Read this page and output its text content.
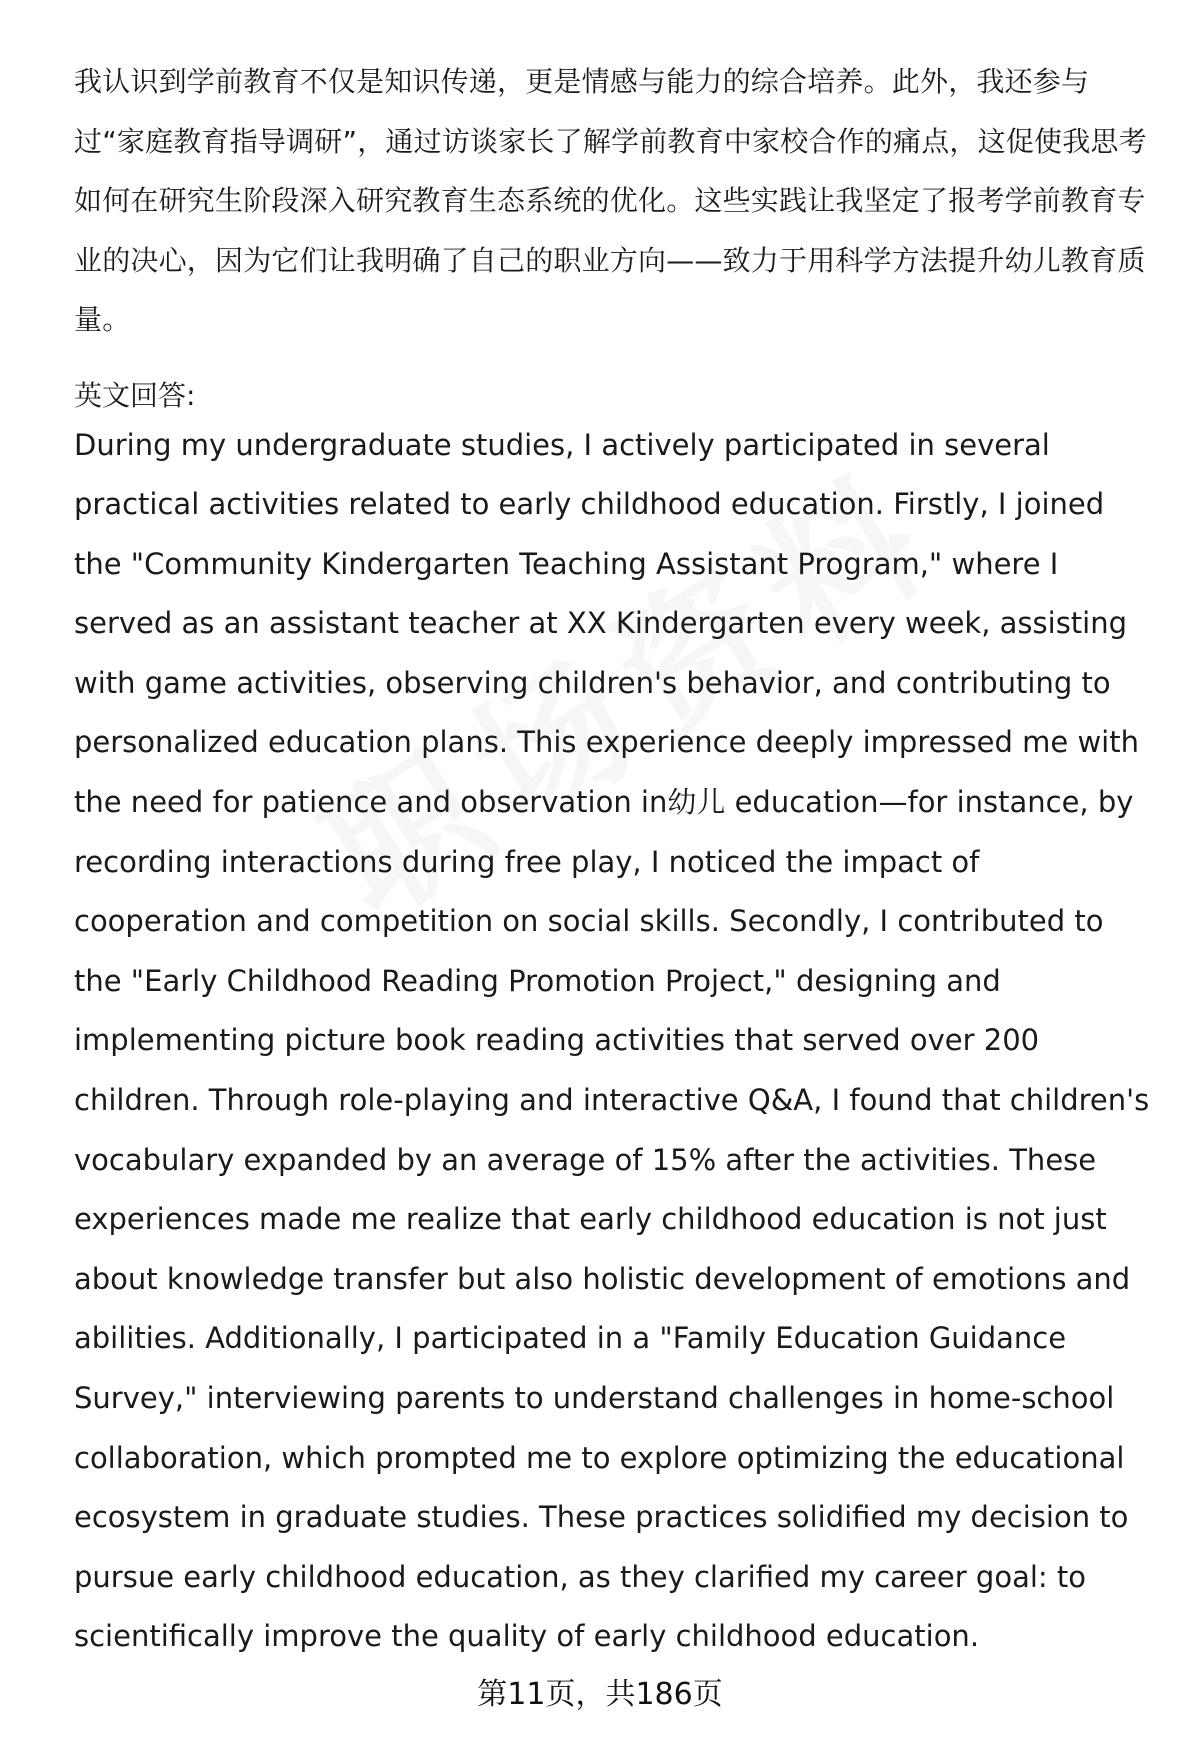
我认识到学前教育不仅是知识传递，更是情感与能力的综合培养。此外，我还参与过“家庭教育指导调研”，通过访谈家长了解学前教育中家校合作的痛点，这促使我思考如何在研究生阶段深入研究教育生态系统的优化。这些实践让我坚定了报考学前教育专业的决心，因为它们让我明确了自己的职业方向——致力于用科学方法提升幼儿教育质量。

英文回答:

During my undergraduate studies, I actively participated in several practical activities related to early childhood education. Firstly, I joined the "Community Kindergarten Teaching Assistant Program," where I served as an assistant teacher at XX Kindergarten every week, assisting with game activities, observing children's behavior, and contributing to personalized education plans. This experience deeply impressed me with the need for patience and observation in幼儿 education—for instance, by recording interactions during free play, I noticed the impact of cooperation and competition on social skills. Secondly, I contributed to the "Early Childhood Reading Promotion Project," designing and implementing picture book reading activities that served over 200 children. Through role-playing and interactive Q&A, I found that children's vocabulary expanded by an average of 15% after the activities. These experiences made me realize that early childhood education is not just about knowledge transfer but also holistic development of emotions and abilities. Additionally, I participated in a "Family Education Guidance Survey," interviewing parents to understand challenges in home-school collaboration, which prompted me to explore optimizing the educational ecosystem in graduate studies. These practices solidified my decision to pursue early childhood education, as they clarified my career goal: to scientifically improve the quality of early childhood education.

第11页，共186页
